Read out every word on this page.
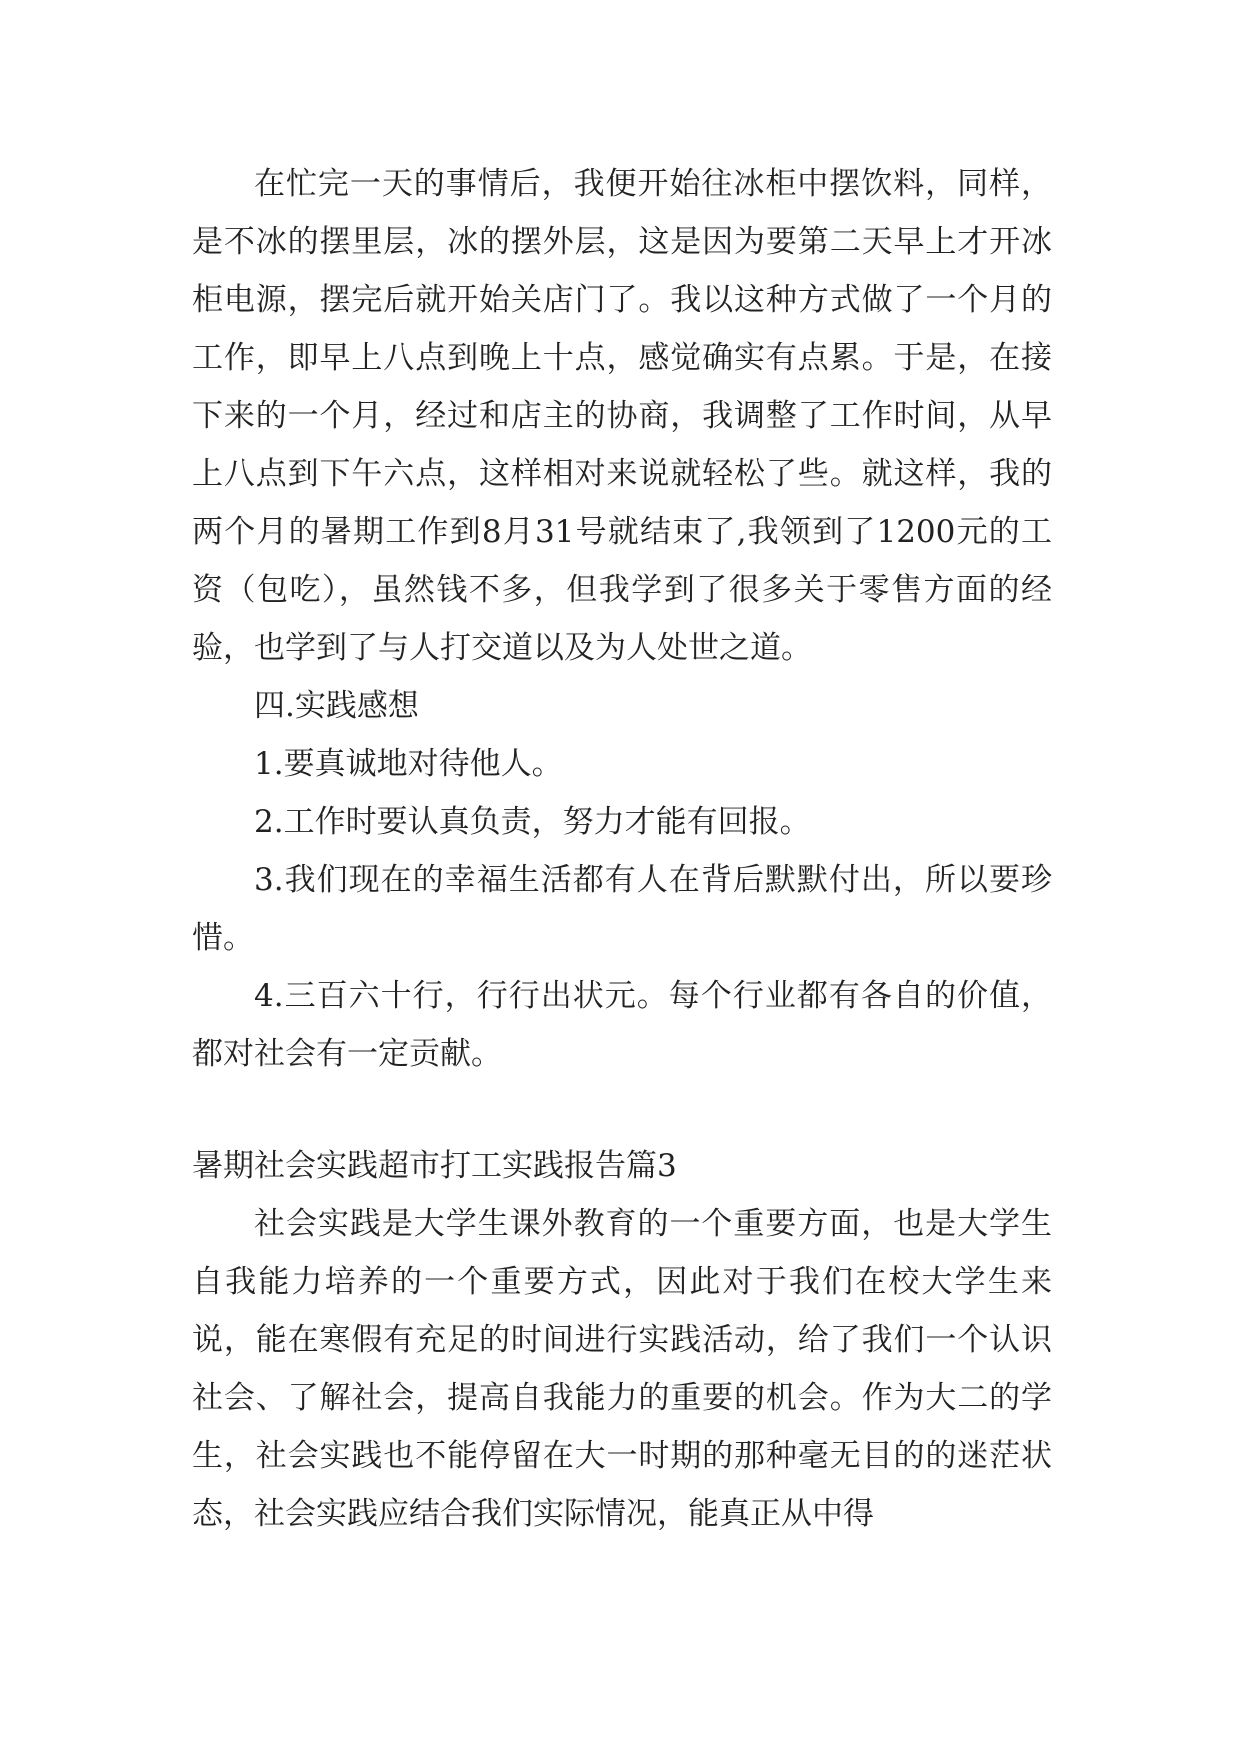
在忙完一天的事情后，我便开始往冰柜中摆饮料，同样，是不冰的摆里层，冰的摆外层，这是因为要第二天早上才开冰柜电源，摆完后就开始关店门了。我以这种方式做了一个月的工作，即早上八点到晚上十点，感觉确实有点累。于是，在接下来的一个月，经过和店主的协商，我调整了工作时间，从早上八点到下午六点，这样相对来说就轻松了些。就这样，我的两个月的暑期工作到8月31号就结束了,我领到了1200元的工资（包吃），虽然钱不多，但我学到了很多关于零售方面的经验，也学到了与人打交道以及为人处世之道。

四.实践感想

1.要真诚地对待他人。

2.工作时要认真负责，努力才能有回报。

3.我们现在的幸福生活都有人在背后默默付出，所以要珍惜。

4.三百六十行，行行出状元。每个行业都有各自的价值，都对社会有一定贡献。

暑期社会实践超市打工实践报告篇3

社会实践是大学生课外教育的一个重要方面，也是大学生自我能力培养的一个重要方式，因此对于我们在校大学生来说，能在寒假有充足的时间进行实践活动，给了我们一个认识社会、了解社会，提高自我能力的重要的机会。作为大二的学生，社会实践也不能停留在大一时期的那种毫无目的的迷茫状态，社会实践应结合我们实际情况，能真正从中得
